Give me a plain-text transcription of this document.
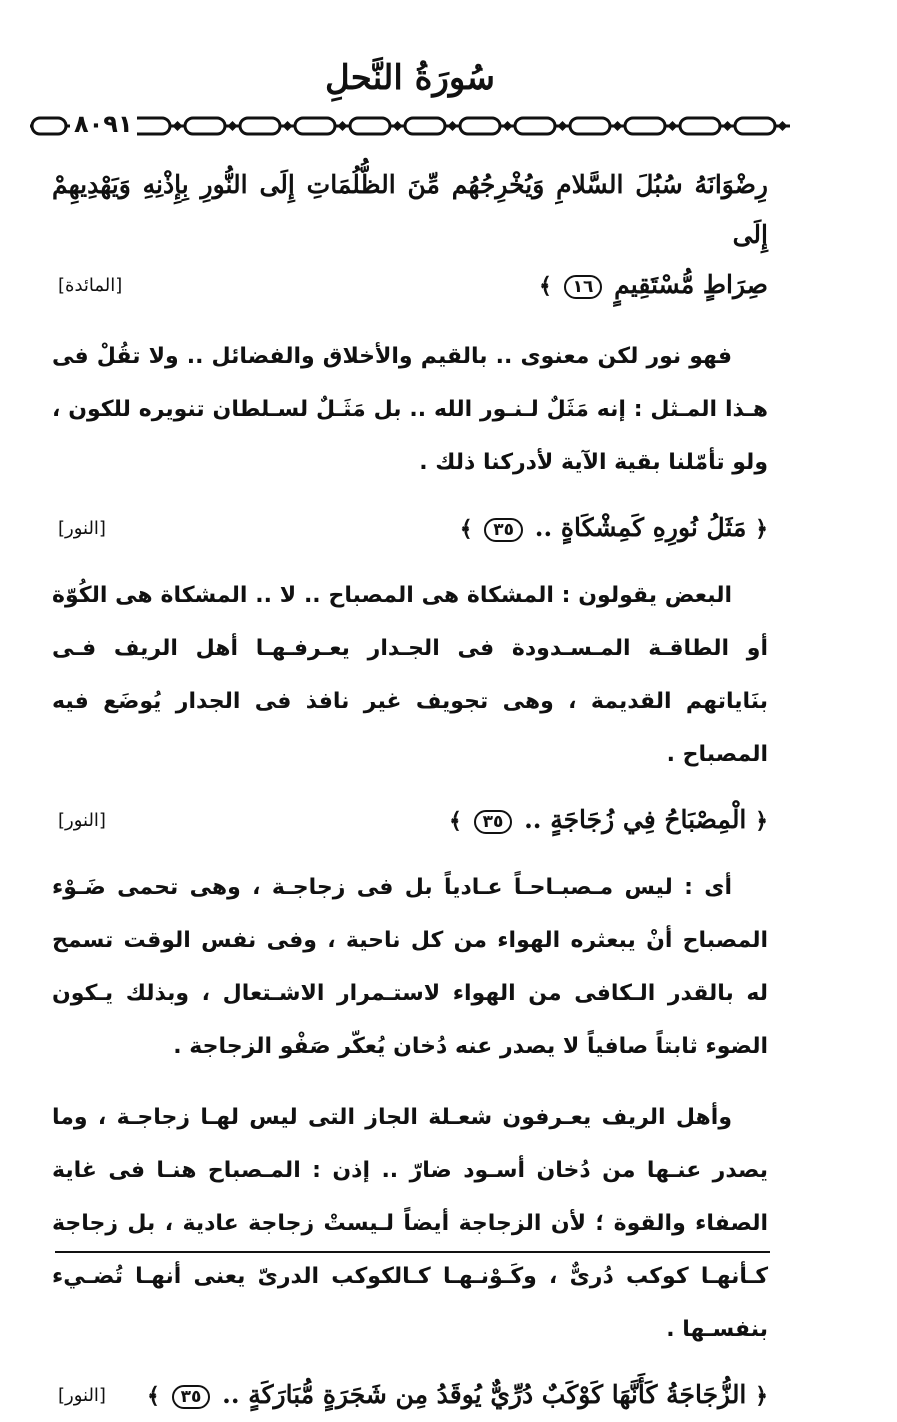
سُورَةُ النَّحلِ
٨٠٩١
رِضْوَانَهُ سُبُلَ السَّلامِ وَيُخْرِجُهُم مِّنَ الظُّلُمَاتِ إِلَى النُّورِ بِإِذْنِهِ وَيَهْدِيهِمْ إِلَى
صِرَاطٍ مُّسْتَقِيمٍ ١٦ ﴾
[المائدة]

فهو نور لكن معنوى .. بالقيم والأخلاق والفضائل .. ولا تقُلْ فى هـذا المـثل : إنه مَثَلٌ لـنـور الله .. بل مَثَـلٌ لسـلطان تنويره للكون ، ولو تأمّلنا بقية الآية لأدركنا ذلك .

﴿ مَثَلُ نُورِهِ كَمِشْكَاةٍ .. ٣٥ ﴾
[النور]

البعض يقولون : المشكاة هى المصباح .. لا .. المشكاة هى الكُوّة أو الطاقـة المـسـدودة فى الجـدار يعـرفـهـا أهل الريف فـى بنَاياتهم القديمة ، وهى تجويف غير نافذ فى الجدار يُوضَع فيه المصباح .

﴿ الْمِصْبَاحُ فِي زُجَاجَةٍ .. ٣٥ ﴾
[النور]

أى : ليس مـصبـاحـاً عـادياً بل فى زجاجـة ، وهى تحمى ضَـوْء المصباح أنْ يبعثره الهواء من كل ناحية ، وفى نفس الوقت تسمح له بالقدر الـكافى من الهواء لاستـمرار الاشـتعال ، وبذلك يـكون الضوء ثابتاً صافياً لا يصدر عنه دُخان يُعكّر صَفْو الزجاجة .

وأهل الريف يعـرفون شعـلة الجاز التى ليس لهـا زجاجـة ، وما يصدر عنـها من دُخان أسـود ضارّ .. إذن : المـصباح هنـا فى غاية الصفاء والقوة ؛ لأن الزجاجة أيضاً لـيستْ زجاجة عادية ، بل زجاجة كـأنهـا كوكب دُرىٌّ ، وكَـوْنـهـا كـالكوكب الدرىّ يعنى أنهـا تُضـيء بنفسـها .

﴿ الزُّجَاجَةُ كَأَنَّهَا كَوْكَبٌ دُرِّيٌّ يُوقَدُ مِن شَجَرَةٍ مُّبَارَكَةٍ .. ٣٥ ﴾
[النور]
